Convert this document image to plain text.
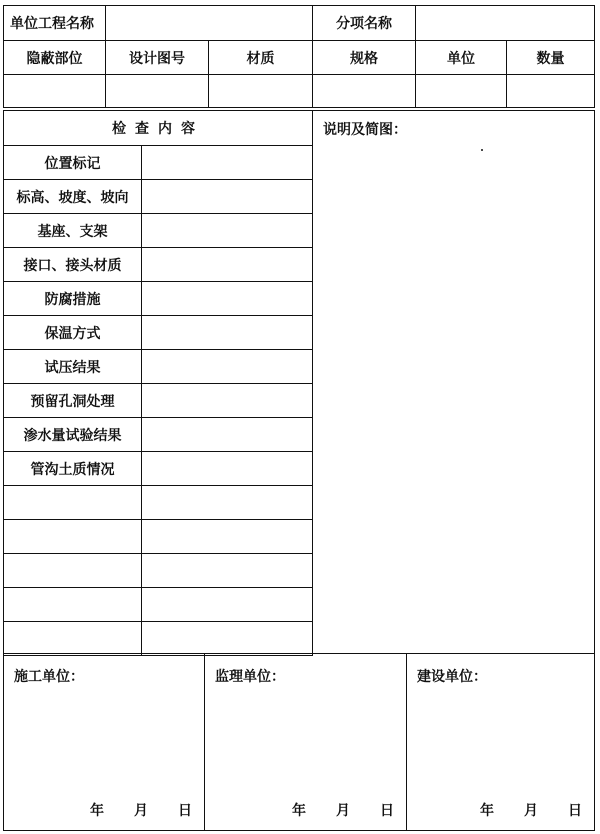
单位工程名称	分项名称
隐蔽部位	设计图号	材质	规格	单位	数量
检查内容	说明及简图：
位置标记
标高、坡度、坡向
基座、支架
接口、接头材质
防腐措施
保温方式
试压结果
预留孔洞处理
渗水量试验结果
管沟土质情况
施工单位：
年 月 日
监理单位：
年 月 日
建设单位：
年 月 日
